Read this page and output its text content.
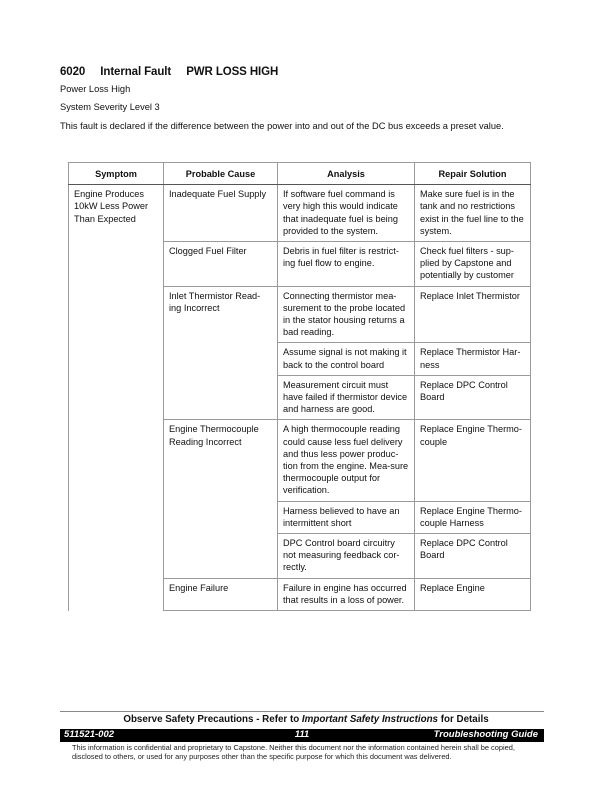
6020 Internal Fault PWR LOSS HIGH
Power Loss High
System Severity Level 3
This fault is declared if the difference between the power into and out of the DC bus exceeds a preset value.
Symptom	Probable Cause	Analysis	Repair Solution
Engine Produces 10kW Less Power Than Expected	Inadequate Fuel Supply	If software fuel command is very high this would indicate that inadequate fuel is being provided to the system.	Make sure fuel is in the tank and no restrictions exist in the fuel line to the system.
	Clogged Fuel Filter	Debris in fuel filter is restrict-ing fuel flow to engine.	Check fuel filters - sup-plied by Capstone and potentially by customer
	Inlet Thermistor Read-ing Incorrect	Connecting thermistor mea-surement to the probe located in the stator housing returns a bad reading.	Replace Inlet Thermistor
		Assume signal is not making it back to the control board	Replace Thermistor Har-ness
		Measurement circuit must have failed if thermistor device and harness are good.	Replace DPC Control Board
	Engine Thermocouple Reading Incorrect	A high thermocouple reading could cause less fuel delivery and thus less power produc-tion from the engine. Mea-sure thermocouple output for verification.	Replace Engine Thermo-couple
		Harness believed to have an intermittent short	Replace Engine Thermo-couple Harness
		DPC Control board circuitry not measuring feedback cor-rectly.	Replace DPC Control Board
	Engine Failure	Failure in engine has occurred that results in a loss of power.	Replace Engine
Observe Safety Precautions - Refer to Important Safety Instructions for Details
511521-002	111	Troubleshooting Guide
This information is confidential and proprietary to Capstone. Neither this document nor the information contained herein shall be copied, disclosed to others, or used for any purposes other than the specific purpose for which this document was delivered.
